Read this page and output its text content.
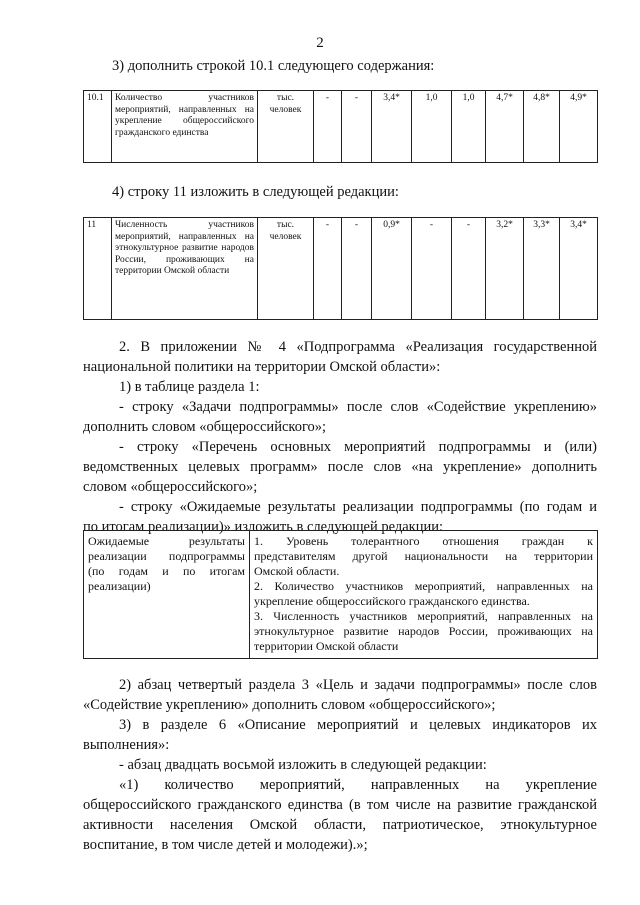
2

3) дополнить строкой 10.1 следующего содержания:

10.1	Количество участников мероприятий, направленных на укрепление общероссийского гражданского единства	тыс. человек	-	-	3,4*	1,0	1,0	4,7*	4,8*	4,9*

4) строку 11 изложить в следующей редакции:

11	Численность участников мероприятий, направленных на этнокультурное развитие народов России, проживающих на территории Омской области	тыс. человек	-	-	0,9*	-	-	3,2*	3,3*	3,4*

2. В приложении № 4 «Подпрограмма «Реализация государственной

национальной политики на территории Омской области»:

1) в таблице раздела 1:

- строку «Задачи подпрограммы» после слов «Содействие укреплению»

дополнить словом «общероссийского»;

- строку «Перечень основных мероприятий подпрограммы и (или)

ведомственных целевых программ» после слов «на укрепление» дополнить

словом «общероссийского»;

- строку «Ожидаемые результаты реализации подпрограммы (по годам и

по итогам реализации)» изложить в следующей редакции:

Ожидаемые результаты
реализации подпрограммы
(по годам и по итогам
реализации)

1. Уровень толерантного отношения граждан к
представителям другой национальности на территории
Омской области.
2. Количество участников мероприятий, направленных на
укрепление общероссийского гражданского единства.
3. Численность участников мероприятий, направленных на
этнокультурное развитие народов России, проживающих на
территории Омской области

2) абзац четвертый раздела 3 «Цель и задачи подпрограммы» после слов

«Содействие укреплению» дополнить словом «общероссийского»;

3) в разделе 6 «Описание мероприятий и целевых индикаторов их

выполнения»:

- абзац двадцать восьмой изложить в следующей редакции:

«1) количество мероприятий, направленных на укрепление

общероссийского гражданского единства (в том числе на развитие гражданской

активности населения Омской области, патриотическое, этнокультурное

воспитание, в том числе детей и молодежи).»;
